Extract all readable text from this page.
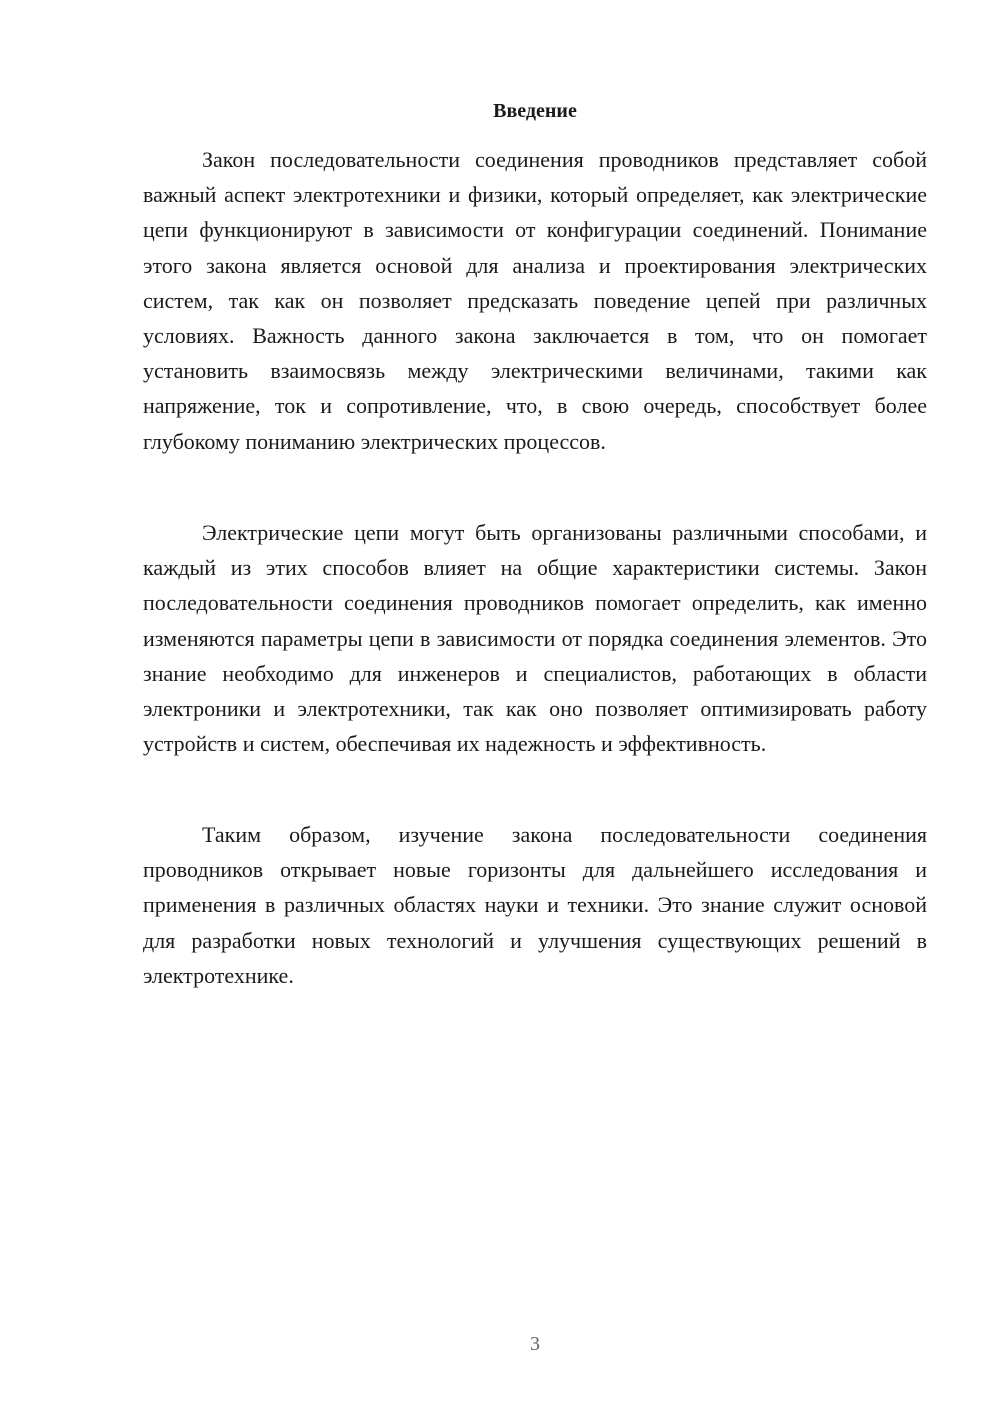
Введение

Закон последовательности соединения проводников представляет собой важный аспект электротехники и физики, который определяет, как электрические цепи функционируют в зависимости от конфигурации соединений. Понимание этого закона является основой для анализа и проектирования электрических систем, так как он позволяет предсказать поведение цепей при различных условиях. Важность данного закона заключается в том, что он помогает установить взаимосвязь между электрическими величинами, такими как напряжение, ток и сопротивление, что, в свою очередь, способствует более глубокому пониманию электрических процессов.

Электрические цепи могут быть организованы различными способами, и каждый из этих способов влияет на общие характеристики системы. Закон последовательности соединения проводников помогает определить, как именно изменяются параметры цепи в зависимости от порядка соединения элементов. Это знание необходимо для инженеров и специалистов, работающих в области электроники и электротехники, так как оно позволяет оптимизировать работу устройств и систем, обеспечивая их надежность и эффективность.

Таким образом, изучение закона последовательности соединения проводников открывает новые горизонты для дальнейшего исследования и применения в различных областях науки и техники. Это знание служит основой для разработки новых технологий и улучшения существующих решений в электротехнике.

3
